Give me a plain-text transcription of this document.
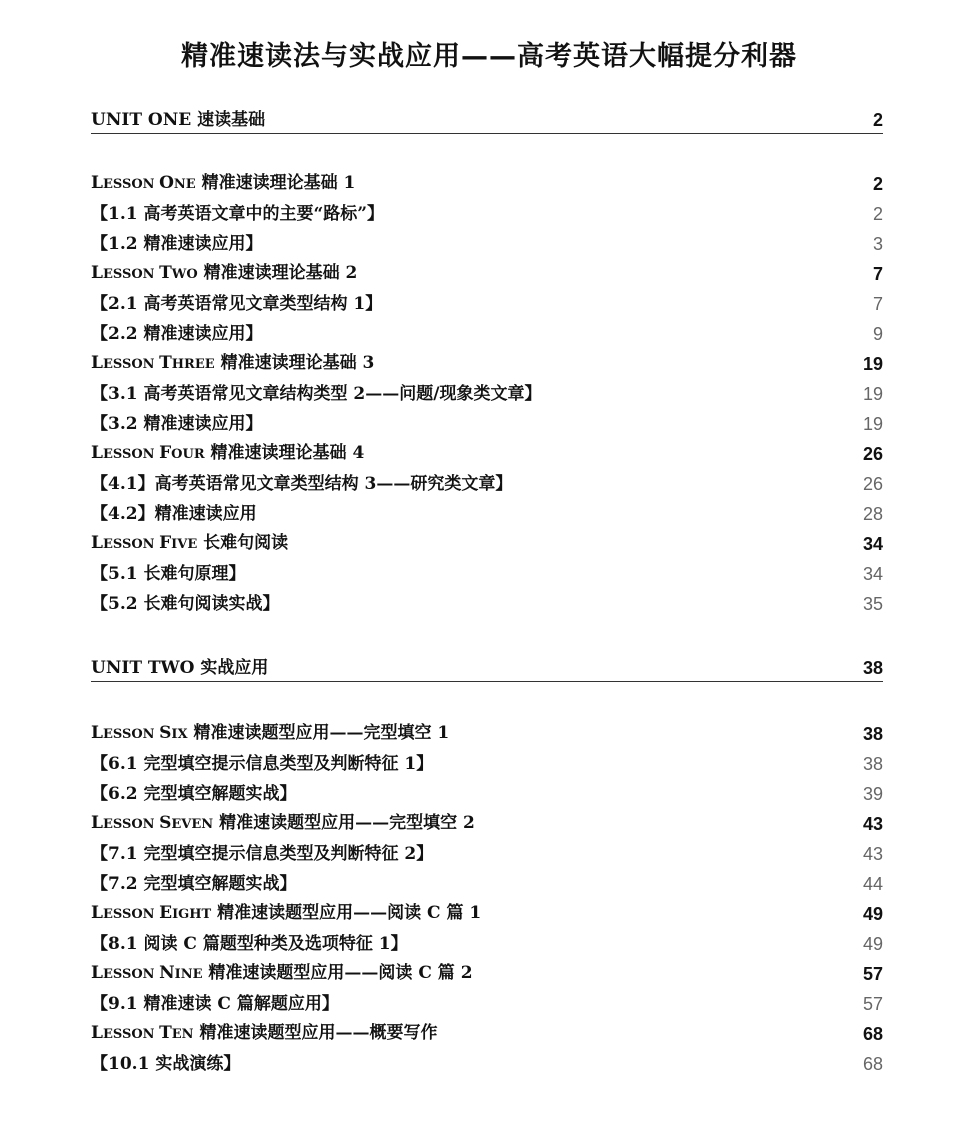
精准速读法与实战应用——高考英语大幅提分利器
UNIT ONE 速读基础	2
LESSON ONE 精准速读理论基础 1	2
【1.1 高考英语文章中的主要“路标”】	2
【1.2 精准速读应用】	3
LESSON TWO 精准速读理论基础 2	7
【2.1 高考英语常见文章类型结构 1】	7
【2.2 精准速读应用】	9
LESSON THREE 精准速读理论基础 3	19
【3.1 高考英语常见文章结构类型 2——问题/现象类文章】	19
【3.2 精准速读应用】	19
LESSON FOUR 精准速读理论基础 4	26
【4.1】高考英语常见文章类型结构 3——研究类文章】	26
【4.2】精准速读应用	28
LESSON FIVE 长难句阅读	34
【5.1 长难句原理】	34
【5.2 长难句阅读实战】	35
UNIT TWO 实战应用	38
LESSON SIX 精准速读题型应用——完型填空 1	38
【6.1 完型填空提示信息类型及判断特征 1】	38
【6.2 完型填空解题实战】	39
LESSON SEVEN 精准速读题型应用——完型填空 2	43
【7.1 完型填空提示信息类型及判断特征 2】	43
【7.2 完型填空解题实战】	44
LESSON EIGHT 精准速读题型应用——阅读 C 篇 1	49
【8.1 阅读 C 篇题型种类及选项特征 1】	49
LESSON NINE 精准速读题型应用——阅读 C 篇 2	57
【9.1 精准速读 C 篇解题应用】	57
LESSON TEN 精准速读题型应用——概要写作	68
【10.1 实战演练】	68
